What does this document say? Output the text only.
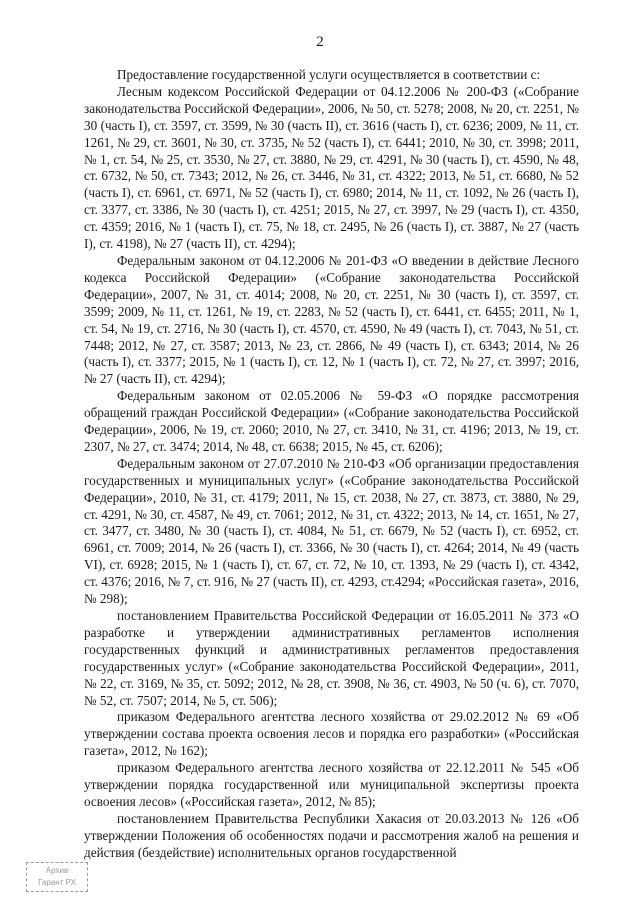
2

Предоставление государственной услуги осуществляется в соответствии с:

Лесным кодексом Российской Федерации от 04.12.2006 № 200-ФЗ («Собрание законодательства Российской Федерации», 2006, № 50, ст. 5278; 2008, № 20, ст. 2251, № 30 (часть I), ст. 3597, ст. 3599, № 30 (часть II), ст. 3616 (часть I), ст. 6236; 2009, № 11, ст. 1261, № 29, ст. 3601, № 30, ст. 3735, № 52 (часть I), ст. 6441; 2010, № 30, ст. 3998; 2011, № 1, ст. 54, № 25, ст. 3530, № 27, ст. 3880, № 29, ст. 4291, № 30 (часть I), ст. 4590, № 48, ст. 6732, № 50, ст. 7343; 2012, № 26, ст. 3446, № 31, ст. 4322; 2013, № 51, ст. 6680, № 52 (часть I), ст. 6961, ст. 6971, № 52 (часть I), ст. 6980; 2014, № 11, ст. 1092, № 26 (часть I), ст. 3377, ст. 3386, № 30 (часть I), ст. 4251; 2015, № 27, ст. 3997, № 29 (часть I), ст. 4350, ст. 4359; 2016, № 1 (часть I), ст. 75, № 18, ст. 2495, № 26 (часть I), ст. 3887, № 27 (часть I), ст. 4198), № 27 (часть II), ст. 4294);

Федеральным законом от 04.12.2006 № 201-ФЗ «О введении в действие Лесного кодекса Российской Федерации» («Собрание законодательства Российской Федерации», 2007, № 31, ст. 4014; 2008, № 20, ст. 2251, № 30 (часть I), ст. 3597, ст. 3599; 2009, № 11, ст. 1261, № 19, ст. 2283, № 52 (часть I), ст. 6441, ст. 6455; 2011, № 1, ст. 54, № 19, ст. 2716, № 30 (часть I), ст. 4570, ст. 4590, № 49 (часть I), ст. 7043, № 51, ст. 7448; 2012, № 27, ст. 3587; 2013, № 23, ст. 2866, № 49 (часть I), ст. 6343; 2014, № 26 (часть I), ст. 3377; 2015, № 1 (часть I), ст. 12, № 1 (часть I), ст. 72, № 27, ст. 3997; 2016, № 27 (часть II), ст. 4294);

Федеральным законом от 02.05.2006 № 59-ФЗ «О порядке рассмотрения обращений граждан Российской Федерации» («Собрание законодательства Российской Федерации», 2006, № 19, ст. 2060; 2010, № 27, ст. 3410, № 31, ст. 4196; 2013, № 19, ст. 2307, № 27, ст. 3474; 2014, № 48, ст. 6638; 2015, № 45, ст. 6206);

Федеральным законом от 27.07.2010 № 210-ФЗ «Об организации предоставления государственных и муниципальных услуг» («Собрание законодательства Российской Федерации», 2010, № 31, ст. 4179; 2011, № 15, ст. 2038, № 27, ст. 3873, ст. 3880, № 29, ст. 4291, № 30, ст. 4587, № 49, ст. 7061; 2012, № 31, ст. 4322; 2013, № 14, ст. 1651, № 27, ст. 3477, ст. 3480, № 30 (часть I), ст. 4084, № 51, ст. 6679, № 52 (часть I), ст. 6952, ст. 6961, ст. 7009; 2014, № 26 (часть I), ст. 3366, № 30 (часть I), ст. 4264; 2014, № 49 (часть VI), ст. 6928; 2015, № 1 (часть I), ст. 67, ст. 72, № 10, ст. 1393, № 29 (часть I), ст. 4342, ст. 4376; 2016, № 7, ст. 916, № 27 (часть II), ст. 4293, ст.4294; «Российская газета», 2016, № 298);

постановлением Правительства Российской Федерации от 16.05.2011 № 373 «О разработке и утверждении административных регламентов исполнения государственных функций и административных регламентов предоставления государственных услуг» («Собрание законодательства Российской Федерации», 2011, № 22, ст. 3169, № 35, ст. 5092; 2012, № 28, ст. 3908, № 36, ст. 4903, № 50 (ч. 6), ст. 7070, № 52, ст. 7507; 2014, № 5, ст. 506);

приказом Федерального агентства лесного хозяйства от 29.02.2012 № 69 «Об утверждении состава проекта освоения лесов и порядка его разработки» («Российская газета», 2012, № 162);

приказом Федерального агентства лесного хозяйства от 22.12.2011 № 545 «Об утверждении порядка государственной или муниципальной экспертизы проекта освоения лесов» («Российская газета», 2012, № 85);

постановлением Правительства Республики Хакасия от 20.03.2013 № 126 «Об утверждении Положения об особенностях подачи и рассмотрения жалоб на решения и действия (бездействие) исполнительных органов государственной

Архив
Гарант РХ
